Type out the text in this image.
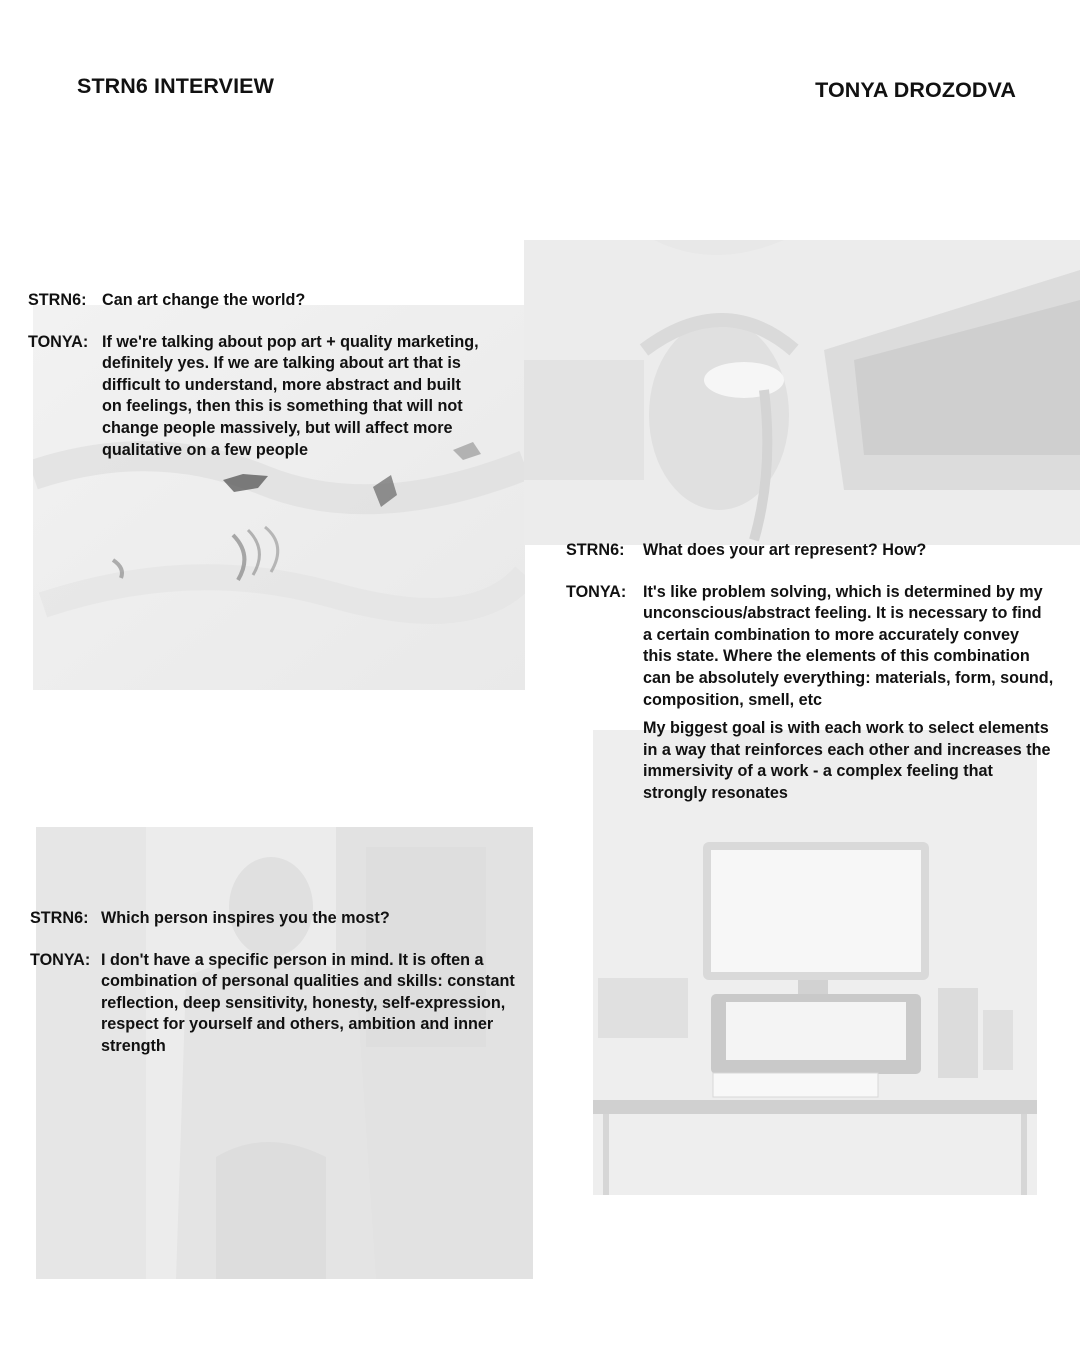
STRN6 INTERVIEW	TONYA DROZODVA
STRN6: Can art change the world?
TONYA: If we're talking about pop art + quality marketing,
definitely yes. If we are talking about art that is
difficult to understand, more abstract and built
on feelings, then this is something that will not
change people massively, but will affect more
qualitative on a few people
STRN6:	What does your art represent? How?
TONYA:	It's like problem solving, which is determined by my
unconscious/abstract feeling. It is necessary to find
a certain combination to more accurately convey
this state. Where the elements of this combination
can be absolutely everything: materials, form, sound,
composition, smell, etc
My biggest goal is with each work to select elements
in a way that reinforces each other and increases the
immersivity of a work - a complex feeling that
strongly resonates
STRN6: Which person inspires you the most?
TONYA: I don't have a specific person in mind. It is often a
combination of personal qualities and skills: constant
reflection, deep sensitivity, honesty, self-expression,
respect for yourself and others, ambition and inner
strength
